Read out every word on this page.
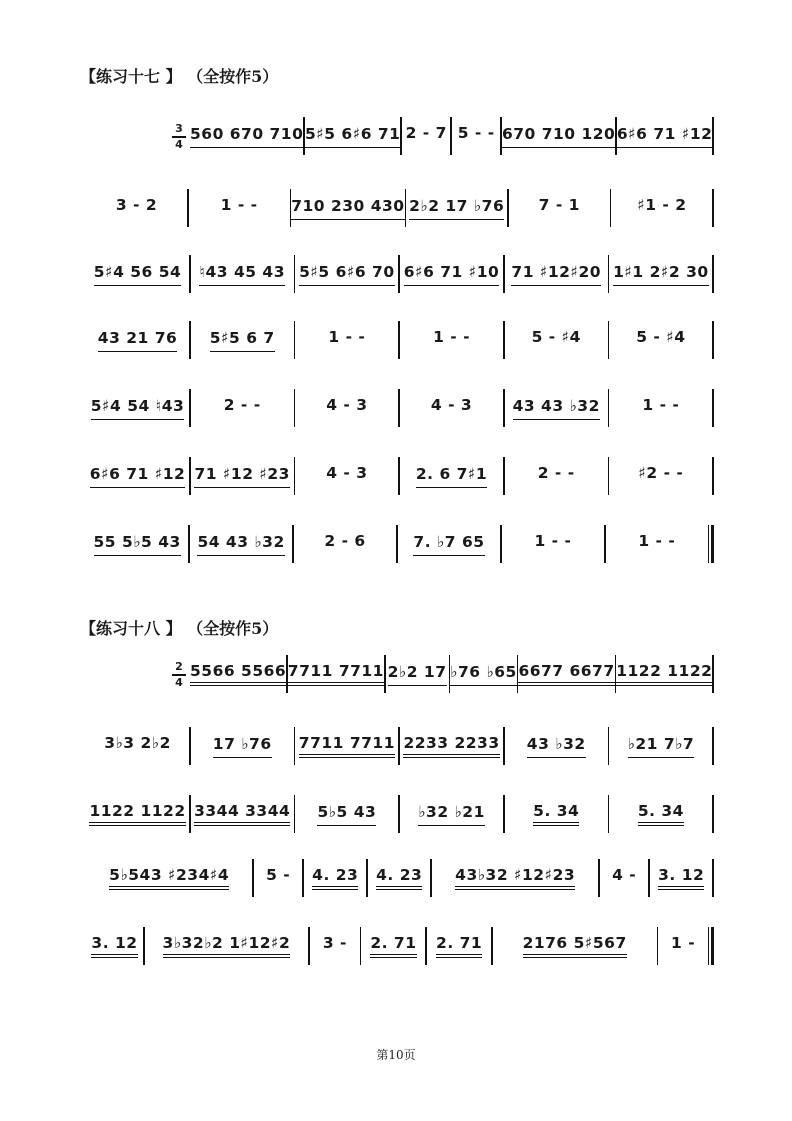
【练习十七 】 （全按作5）
3
4
560 670 710 5♯5 6♯6 71 2 - 7 5 - - 670 710 120 6♯6 71 ♯12
3 - 2	1 - - 710 230 430 2♭2 17 ♭76 7 - 1	♯1 - 2
5♯4 56 54 ♮43 45 43 5♯5 6♯6 70 6♯6 71 ♯10 71 ♯12♯20 1♯1 2♯2 30
43 21 76 5♯5 6 7	1 - -	1 - -	5 - ♯4	5 - ♯4
5♯4 54 ♮43	2 - -	4 - 3	4 - 3	43 43 ♭32	1 - -
6♯6 71 ♯12 71 ♯12 ♯23 4 - 3	2. 6 7♯1	2 - -	♯2 - -
55 5♭5 43 54 43 ♭32	2 - 6	7. ♭7 65	1 - -	1 - -
【练习十八 】 （全按作5）
2
4
5566 5566 7711 7711 2♭2 17 ♭76 ♭65 6677 6677 1122 1122
3♭3 2♭2	17 ♭76 7711 7711 2233 2233 43 ♭32	♭21 7♭7
1122 1122 3344 3344 5♭5 43	♭32 ♭21	5. 34	5. 34
5♭543 ♯234♯4 5 - 4. 23 4. 23 43♭32 ♯12♯23 4 - 3. 12
3. 12 3♭32♭2 1♯12♯2 3 - 2. 71 2. 71	2176 5♯567	1 -
第10页
